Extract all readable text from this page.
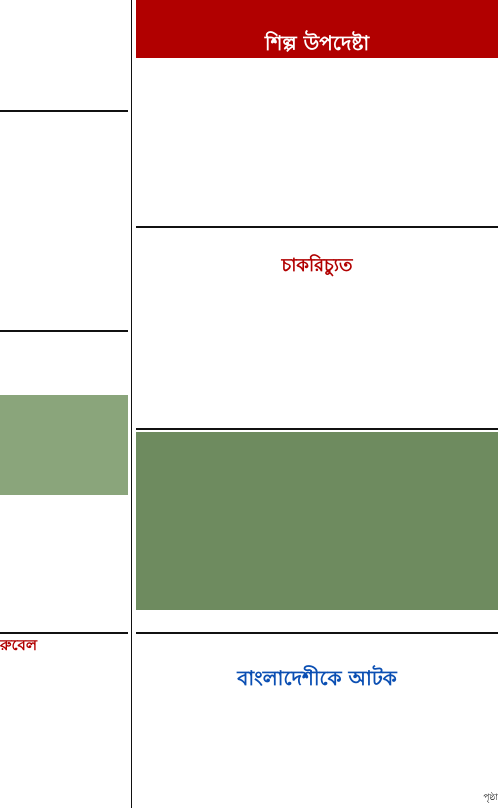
রুবেল

শিল্প উপদেষ্টা

চাকরিচ্যুত

বাংলাদেশীকে আটক
পৃষ্ঠা
